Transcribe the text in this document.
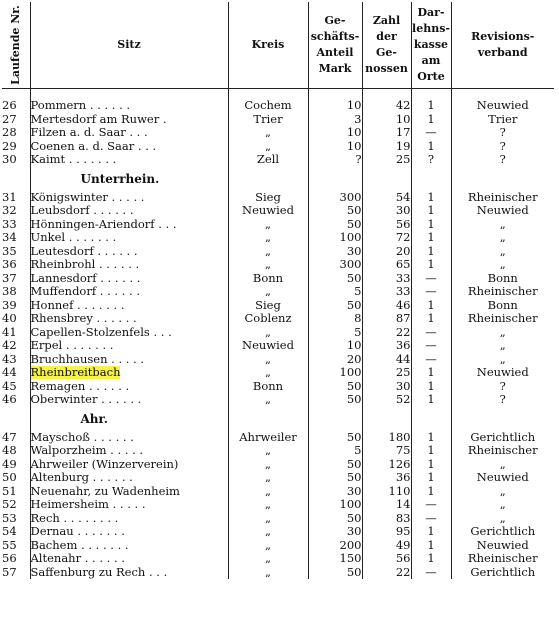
Laufende Nr.	Sitz	Kreis	Ge-
schäfts-
Anteil
Mark	Zahl
der
Ge-
nossen	Dar-
lehns-
kasse
am
Orte	Revisions-
verband

26	Pommern . . . . . .	Cochem	10	42	1	Neuwied
27	Mertesdorf am Ruwer .	Trier	3	10	1	Trier
28	Filzen a. d. Saar . . .	„	10	17	—	?
29	Coenen a. d. Saar . . .	„	10	19	1	?
30	Kaimt . . . . . . .	Zell	?	25	?	?
	Unterrhein.					
31	Königswinter . . . . .	Sieg	300	54	1	Rheinischer
32	Leubsdorf . . . . . .	Neuwied	50	30	1	Neuwied
33	Hönningen-Ariendorf . . .	„	50	56	1	„
34	Unkel . . . . . . .	„	100	72	1	„
35	Leutesdorf . . . . . .	„	30	20	1	„
36	Rheinbrohl . . . . . .	„	300	65	1	„
37	Lannesdorf . . . . . .	Bonn	50	33	—	Bonn
38	Muffendorf . . . . . .	„	5	33	—	Rheinischer
39	Honnef . . . . . . .	Sieg	50	46	1	Bonn
40	Rhensbrey . . . . . .	Coblenz	8	87	1	Rheinischer
41	Capellen-Stolzenfels . . .	„	5	22	—	„
42	Erpel . . . . . . .	Neuwied	10	36	—	„
43	Bruchhausen . . . . .	„	20	44	—	„
44	Rheinbreitbach	„	100	25	1	Neuwied
45	Remagen . . . . . .	Bonn	50	30	1	?
46	Oberwinter . . . . . .	„	50	52	1	?
	Ahr.					
47	Mayschoß . . . . . .	Ahrweiler	50	180	1	Gerichtlich
48	Walporzheim . . . . .	„	5	75	1	Rheinischer
49	Ahrweiler (Winzerverein)	„	50	126	1	„
50	Altenburg . . . . . .	„	50	36	1	Neuwied
51	Neuenahr, zu Wadenheim	„	30	110	1	„
52	Heimersheim . . . . .	„	100	14	—	„
53	Rech . . . . . . . .	„	50	83	—	„
54	Dernau . . . . . . .	„	30	95	1	Gerichtlich
55	Bachem . . . . . . .	„	200	49	1	Neuwied
56	Altenahr . . . . . .	„	150	56	1	Rheinischer
57	Saffenburg zu Rech . . .	„	50	22	—	Gerichtlich
